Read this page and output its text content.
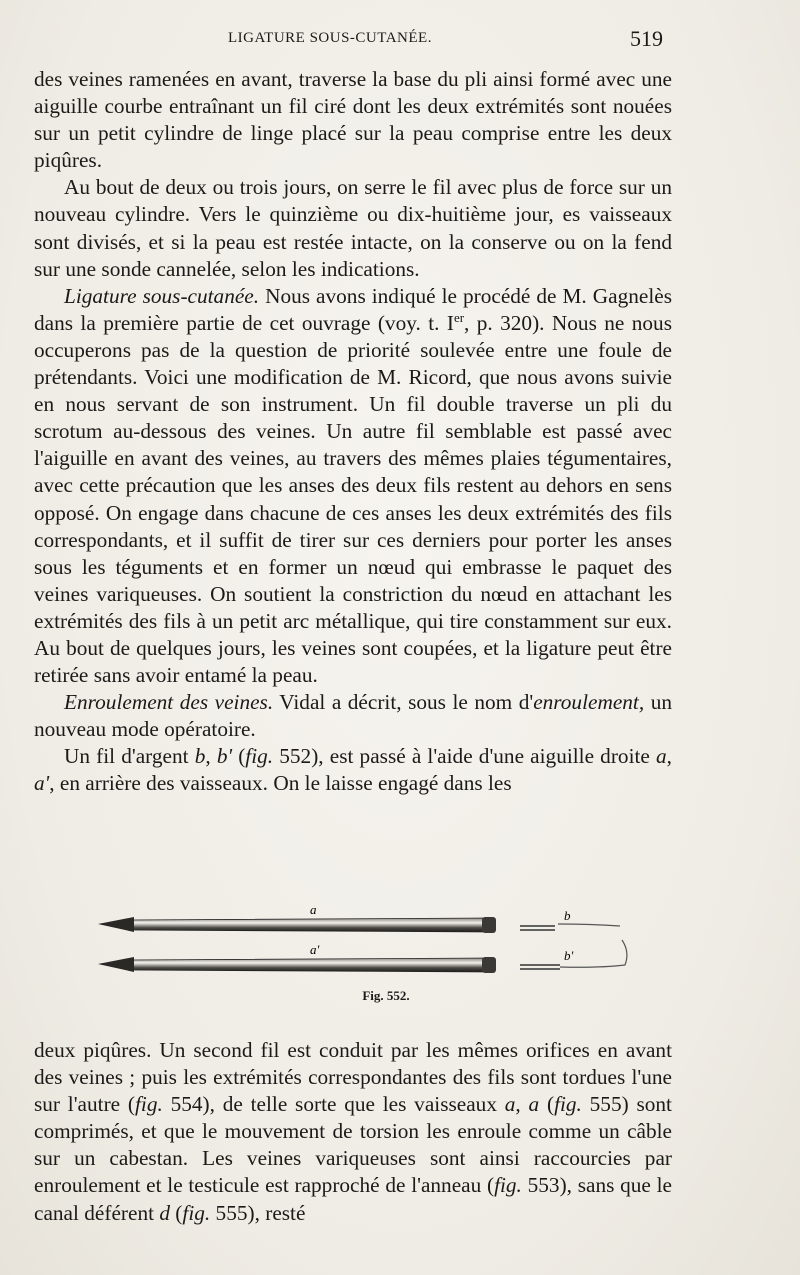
LIGATURE SOUS-CUTANÉE.	519

des veines ramenées en avant, traverse la base du pli ainsi formé avec une aiguille courbe entraînant un fil ciré dont les deux extrémités sont nouées sur un petit cylindre de linge placé sur la peau comprise entre les deux piqûres.

Au bout de deux ou trois jours, on serre le fil avec plus de force sur un nouveau cylindre. Vers le quinzième ou dix-huitième jour, es vaisseaux sont divisés, et si la peau est restée intacte, on la conserve ou on la fend sur une sonde cannelée, selon les indications.

Ligature sous-cutanée. Nous avons indiqué le procédé de M. Gagnelès dans la première partie de cet ouvrage (voy. t. Ier, p. 320). Nous ne nous occuperons pas de la question de priorité soulevée entre une foule de prétendants. Voici une modification de M. Ricord, que nous avons suivie en nous servant de son instrument. Un fil double traverse un pli du scrotum au-dessous des veines. Un autre fil semblable est passé avec l'aiguille en avant des veines, au travers des mêmes plaies tégumentaires, avec cette précaution que les anses des deux fils restent au dehors en sens opposé. On engage dans chacune de ces anses les deux extrémités des fils correspondants, et il suffit de tirer sur ces derniers pour porter les anses sous les téguments et en former un nœud qui embrasse le paquet des veines variqueuses. On soutient la constriction du nœud en attachant les extrémités des fils à un petit arc métallique, qui tire constamment sur eux. Au bout de quelques jours, les veines sont coupées, et la ligature peut être retirée sans avoir entamé la peau.

Enroulement des veines. Vidal a décrit, sous le nom d'enroulement, un nouveau mode opératoire.

Un fil d'argent b, b' (fig. 552), est passé à l'aide d'une aiguille droite a, a', en arrière des vaisseaux. On le laisse engagé dans les

a
a'
b
b'
Fig. 552.

deux piqûres. Un second fil est conduit par les mêmes orifices en avant des veines ; puis les extrémités correspondantes des fils sont tordues l'une sur l'autre (fig. 554), de telle sorte que les vaisseaux a, a (fig. 555) sont comprimés, et que le mouvement de torsion les enroule comme un câble sur un cabestan. Les veines variqueuses sont ainsi raccourcies par enroulement et le testicule est rapproché de l'anneau (fig. 553), sans que le canal déférent d (fig. 555), resté
